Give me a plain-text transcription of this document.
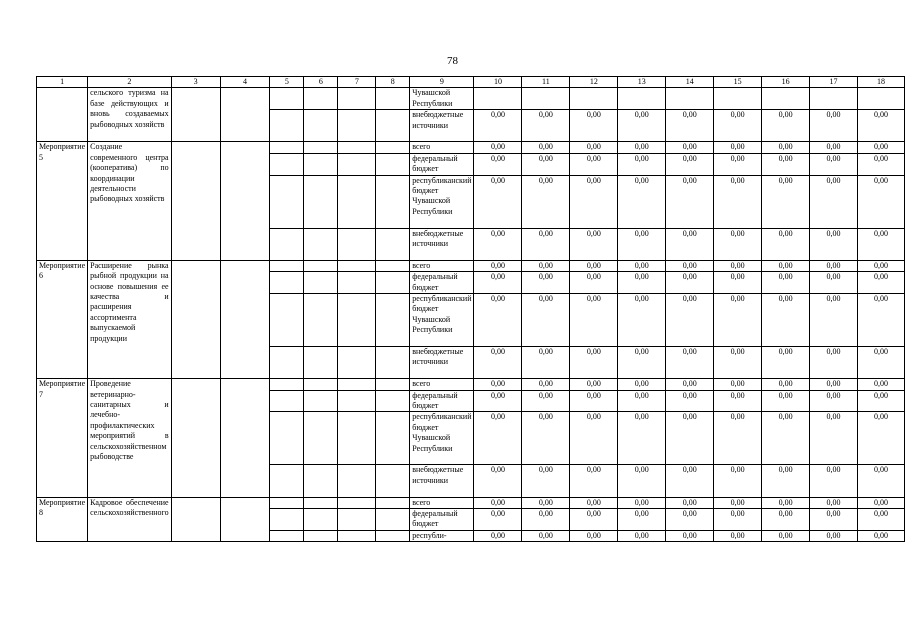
78
1	2	3	4	5	6	7	8	9	10	11	12	13	14	15	16	17	18
	сельского туризма на базе действующих и вновь создаваемых рыбоводных хозяйств							Чувашской Республики									
								внебюджетные источники	0,00	0,00	0,00	0,00	0,00	0,00	0,00	0,00	0,00
Мероприятие 5	Создание современного центра (кооператива) по координации деятельности рыбоводных хозяйств							всего	0,00	0,00	0,00	0,00	0,00	0,00	0,00	0,00	0,00
								федеральный бюджет	0,00	0,00	0,00	0,00	0,00	0,00	0,00	0,00	0,00
								республиканский бюджет Чувашской Республики	0,00	0,00	0,00	0,00	0,00	0,00	0,00	0,00	0,00
								внебюджетные источники	0,00	0,00	0,00	0,00	0,00	0,00	0,00	0,00	0,00
Мероприятие 6	Расширение рынка рыбной продукции на основе повышения ее качества и расширения ассортимента выпускаемой продукции							всего	0,00	0,00	0,00	0,00	0,00	0,00	0,00	0,00	0,00
								федеральный бюджет	0,00	0,00	0,00	0,00	0,00	0,00	0,00	0,00	0,00
								республиканский бюджет Чувашской Республики	0,00	0,00	0,00	0,00	0,00	0,00	0,00	0,00	0,00
								внебюджетные источники	0,00	0,00	0,00	0,00	0,00	0,00	0,00	0,00	0,00
Мероприятие 7	Проведение ветеринарно-санитарных и лечебно-профилактических мероприятий в сельскохозяйственном рыбоводстве							всего	0,00	0,00	0,00	0,00	0,00	0,00	0,00	0,00	0,00
								федеральный бюджет	0,00	0,00	0,00	0,00	0,00	0,00	0,00	0,00	0,00
								республиканский бюджет Чувашской Республики	0,00	0,00	0,00	0,00	0,00	0,00	0,00	0,00	0,00
								внебюджетные источники	0,00	0,00	0,00	0,00	0,00	0,00	0,00	0,00	0,00
Мероприятие 8	Кадровое обеспечение сельскохозяйственного							всего	0,00	0,00	0,00	0,00	0,00	0,00	0,00	0,00	0,00
								федеральный бюджет	0,00	0,00	0,00	0,00	0,00	0,00	0,00	0,00	0,00
								республи-	0,00	0,00	0,00	0,00	0,00	0,00	0,00	0,00	0,00
